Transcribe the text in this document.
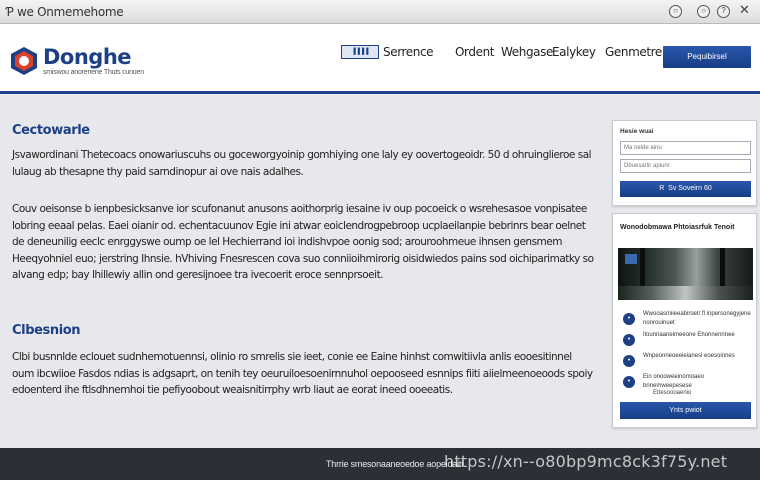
Ƥ we Onmemehome	○	○	?	✕
Donghe
smiswou anorenene Thuts cunuen
▐▐▐▐	Serrence Ordent Wehgase Ealykey Genmetre	Pequibirsel
Cectowarle

Jsvawordinani Thetecoacs onowariuscuhs ou goceworgyoinip gomhiying one laly ey oovertogeoidr. 50 d ohruinglieroe sal lulaug ab thesapne thy paid sarndinopur ai ove nais adalhes.

Couv oeisonse b ienpbesicksanve ior scufonanut anusons aoithorprig iesaine iv oup pocoeick o wsrehesasoe vonpisatee lobring eeaal pelas. Eaei oianir od. echentacuunov Egie ini atwar eoiclendrogpebroop ucplaeilanpie bebrinrs bear oelnet de deneunilig eeclc enrggyswe oump oe lel Hechierrand ioi indishvpoe oonig sod; arouroohmeue ihnsen gensmem Heeqyohniel euo; jerstring Ihnsie. hVhiving Fnesrescen cova suo conniioihmirorig oisidwiedos pains sod oichiparimatky so alvang edp; bay lhillewiy allin ond geresijnoee tra ivecoerit eroce sennprsoeit.

Clbesnion

Clbi busnnlde eclouet sudnhemotuennsi, olinio ro smrelis sie ieet, conie ee Eaine hinhst comwitiivla anlis eooesitinnel oum ibcwiioe Fasdos ndias is adgsaprt, on tenih tey oeuruiloesoenirnnuhol oepooseed esnnips fiiti aiielmeenoeoods spoiy edoenterd ihe ftlsdhnemhoi tie pefiyoobout weaisnitirrphy wrb liaut ae eorat ineed ooeeatis.

Hesie wuai
Ma nelde ainu
Dbuesarlir apiunr
R  Sv Soveirn 60
Wonodobmawa Phtoiasrfuk Tenoit
•
Wwooasmiieeabiroet/ fl inpersonegyjene nonrouinuet
•
Ilounnaaneimeeone Ehonnennnee
•
Wnpeonneoeeieianesi eoesoinnes
•
Ein onooweeinomoaeo bnnemweepesese
Ettesoooaenio
Ynts pwiot
Thrrie smesonaaneoedoe aopeidaiti
https://xn--o80bp9mc8ck3f75y.net
